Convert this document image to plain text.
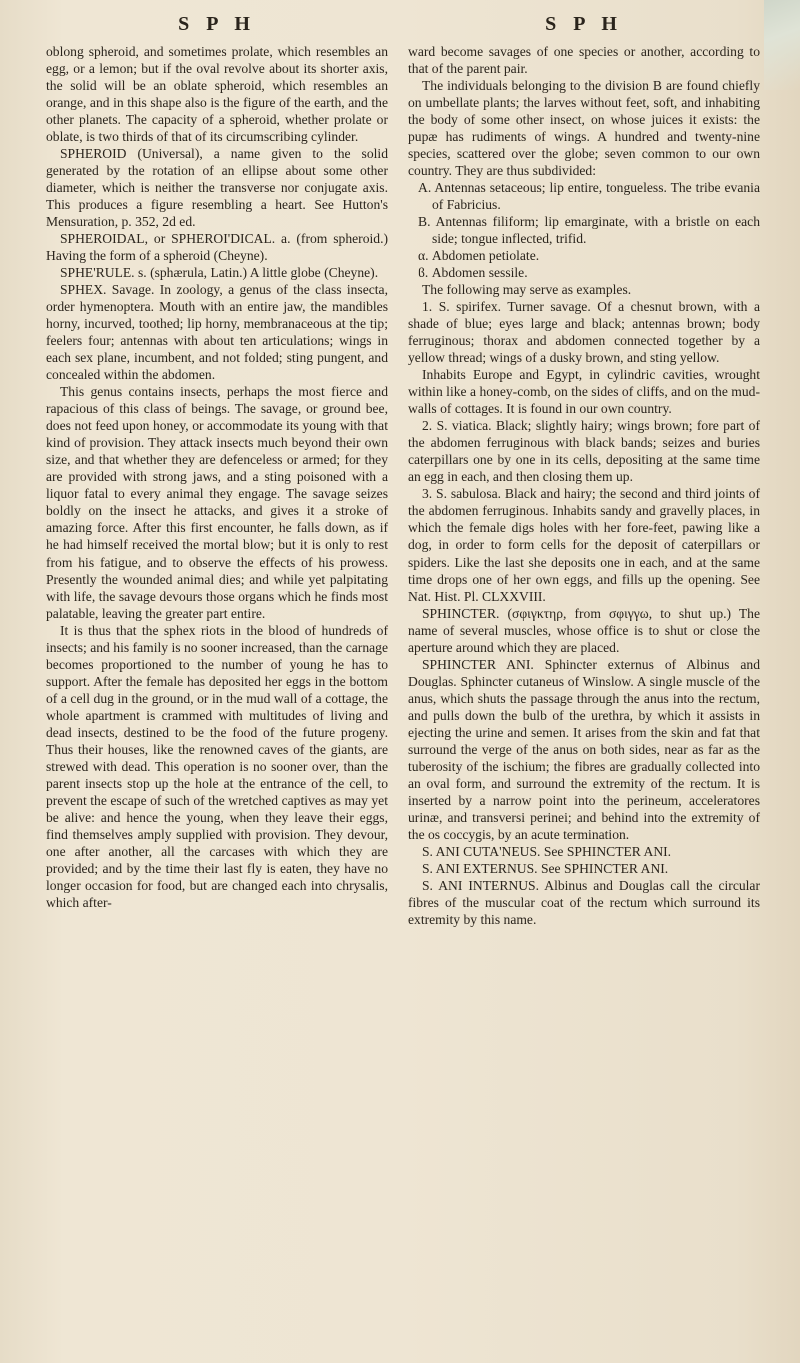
S P H

oblong spheroid, and sometimes prolate, which resembles an egg, or a lemon; but if the oval revolve about its shorter axis, the solid will be an oblate spheroid, which resembles an orange, and in this shape also is the figure of the earth, and the other planets. The capacity of a spheroid, whether prolate or oblate, is two thirds of that of its circumscribing cylinder.

SPHEROID (Universal), a name given to the solid generated by the rotation of an ellipse about some other diameter, which is neither the transverse nor conjugate axis. This produces a figure resembling a heart. See Hutton's Mensuration, p. 352, 2d ed.

SPHEROIDAL, or SPHEROI'DICAL. a. (from spheroid.) Having the form of a spheroid (Cheyne).

SPHE'RULE. s. (sphærula, Latin.) A little globe (Cheyne).

SPHEX. Savage. In zoology, a genus of the class insecta, order hymenoptera. Mouth with an entire jaw, the mandibles horny, incurved, toothed; lip horny, membranaceous at the tip; feelers four; antennas with about ten articulations; wings in each sex plane, incumbent, and not folded; sting pungent, and concealed within the abdomen.

This genus contains insects, perhaps the most fierce and rapacious of this class of beings. The savage, or ground bee, does not feed upon honey, or accommodate its young with that kind of provision. They attack insects much beyond their own size, and that whether they are defenceless or armed; for they are provided with strong jaws, and a sting poisoned with a liquor fatal to every animal they engage. The savage seizes boldly on the insect he attacks, and gives it a stroke of amazing force. After this first encounter, he falls down, as if he had himself received the mortal blow; but it is only to rest from his fatigue, and to observe the effects of his prowess. Presently the wounded animal dies; and while yet palpitating with life, the savage devours those organs which he finds most palatable, leaving the greater part entire.

It is thus that the sphex riots in the blood of hundreds of insects; and his family is no sooner increased, than the carnage becomes proportioned to the number of young he has to support. After the female has deposited her eggs in the bottom of a cell dug in the ground, or in the mud wall of a cottage, the whole apartment is crammed with multitudes of living and dead insects, destined to be the food of the future progeny. Thus their houses, like the renowned caves of the giants, are strewed with dead. This operation is no sooner over, than the parent insects stop up the hole at the entrance of the cell, to prevent the escape of such of the wretched captives as may yet be alive: and hence the young, when they leave their eggs, find themselves amply supplied with provision. They devour, one after another, all the carcases with which they are provided; and by the time their last fly is eaten, they have no longer occasion for food, but are changed each into chrysalis, which after-

S P H

ward become savages of one species or another, according to that of the parent pair.

The individuals belonging to the division B are found chiefly on umbellate plants; the larves without feet, soft, and inhabiting the body of some other insect, on whose juices it exists: the pupæ has rudiments of wings. A hundred and twenty-nine species, scattered over the globe; seven common to our own country. They are thus subdivided:

A. Antennas setaceous; lip entire, tongueless. The tribe evania of Fabricius.

B. Antennas filiform; lip emarginate, with a bristle on each side; tongue inflected, trifid.

α. Abdomen petiolate.

ϐ. Abdomen sessile.

The following may serve as examples.

1. S. spirifex. Turner savage. Of a chesnut brown, with a shade of blue; eyes large and black; antennas brown; body ferruginous; thorax and abdomen connected together by a yellow thread; wings of a dusky brown, and sting yellow.

Inhabits Europe and Egypt, in cylindric cavities, wrought within like a honey-comb, on the sides of cliffs, and on the mud-walls of cottages. It is found in our own country.

2. S. viatica. Black; slightly hairy; wings brown; fore part of the abdomen ferruginous with black bands; seizes and buries caterpillars one by one in its cells, depositing at the same time an egg in each, and then closing them up.

3. S. sabulosa. Black and hairy; the second and third joints of the abdomen ferruginous. Inhabits sandy and gravelly places, in which the female digs holes with her fore-feet, pawing like a dog, in order to form cells for the deposit of caterpillars or spiders. Like the last she deposits one in each, and at the same time drops one of her own eggs, and fills up the opening. See Nat. Hist. Pl. CLXXVIII.

SPHINCTER. (σφιγκτηρ, from σφιγγω, to shut up.) The name of several muscles, whose office is to shut or close the aperture around which they are placed.

SPHINCTER ANI. Sphincter externus of Albinus and Douglas. Sphincter cutaneus of Winslow. A single muscle of the anus, which shuts the passage through the anus into the rectum, and pulls down the bulb of the urethra, by which it assists in ejecting the urine and semen. It arises from the skin and fat that surround the verge of the anus on both sides, near as far as the tuberosity of the ischium; the fibres are gradually collected into an oval form, and surround the extremity of the rectum. It is inserted by a narrow point into the perineum, acceleratores urinæ, and transversi perinei; and behind into the extremity of the os coccygis, by an acute termination.

S. ANI CUTA'NEUS. See SPHINCTER ANI.

S. ANI EXTERNUS. See SPHINCTER ANI.

S. ANI INTERNUS. Albinus and Douglas call the circular fibres of the muscular coat of the rectum which surround its extremity by this name.
